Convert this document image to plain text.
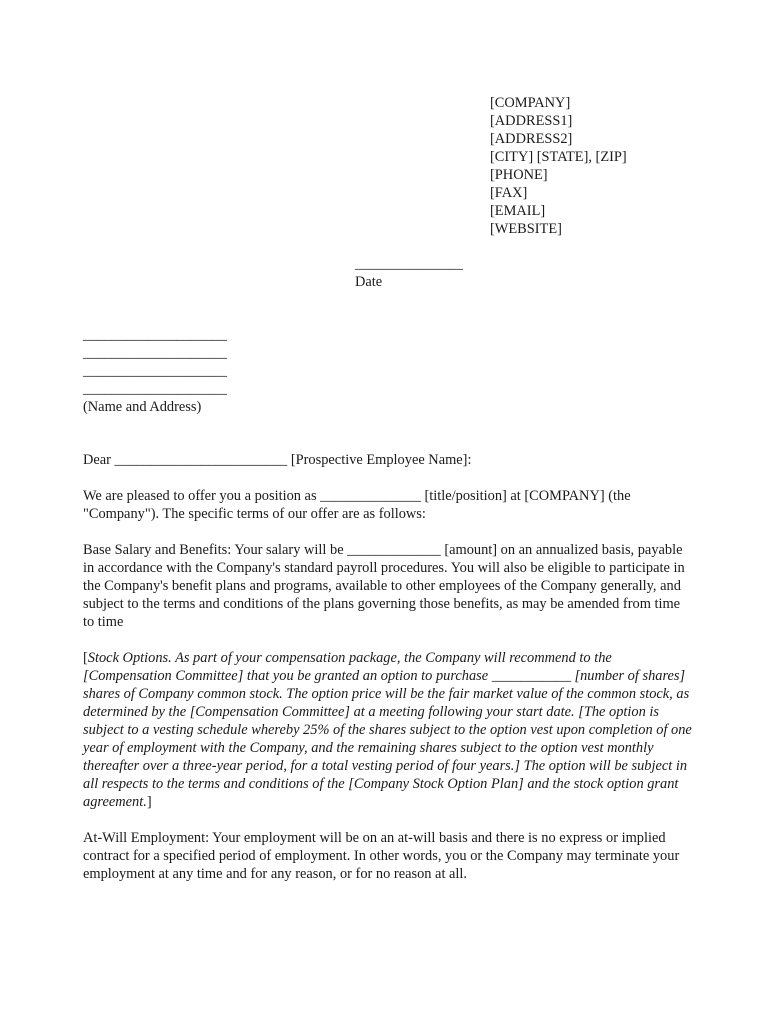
[COMPANY]
[ADDRESS1]
[ADDRESS2]
[CITY] [STATE], [ZIP]
[PHONE]
[FAX]
[EMAIL]
[WEBSITE]
_______________
Date
____________________
____________________
____________________
____________________
(Name and Address)

Dear ________________________ [Prospective Employee Name]:

We are pleased to offer you a position as ______________ [title/position] at [COMPANY] (the "Company"). The specific terms of our offer are as follows:

Base Salary and Benefits: Your salary will be _____________ [amount] on an annualized basis, payable in accordance with the Company's standard payroll procedures. You will also be eligible to participate in the Company's benefit plans and programs, available to other employees of the Company generally, and subject to the terms and conditions of the plans governing those benefits, as may be amended from time to time

[Stock Options. As part of your compensation package, the Company will recommend to the [Compensation Committee] that you be granted an option to purchase ___________ [number of shares] shares of Company common stock. The option price will be the fair market value of the common stock, as determined by the [Compensation Committee] at a meeting following your start date. [The option is subject to a vesting schedule whereby 25% of the shares subject to the option vest upon completion of one year of employment with the Company, and the remaining shares subject to the option vest monthly thereafter over a three-year period, for a total vesting period of four years.] The option will be subject in all respects to the terms and conditions of the [Company Stock Option Plan] and the stock option grant agreement.]

At-Will Employment: Your employment will be on an at-will basis and there is no express or implied contract for a specified period of employment. In other words, you or the Company may terminate your employment at any time and for any reason, or for no reason at all.
